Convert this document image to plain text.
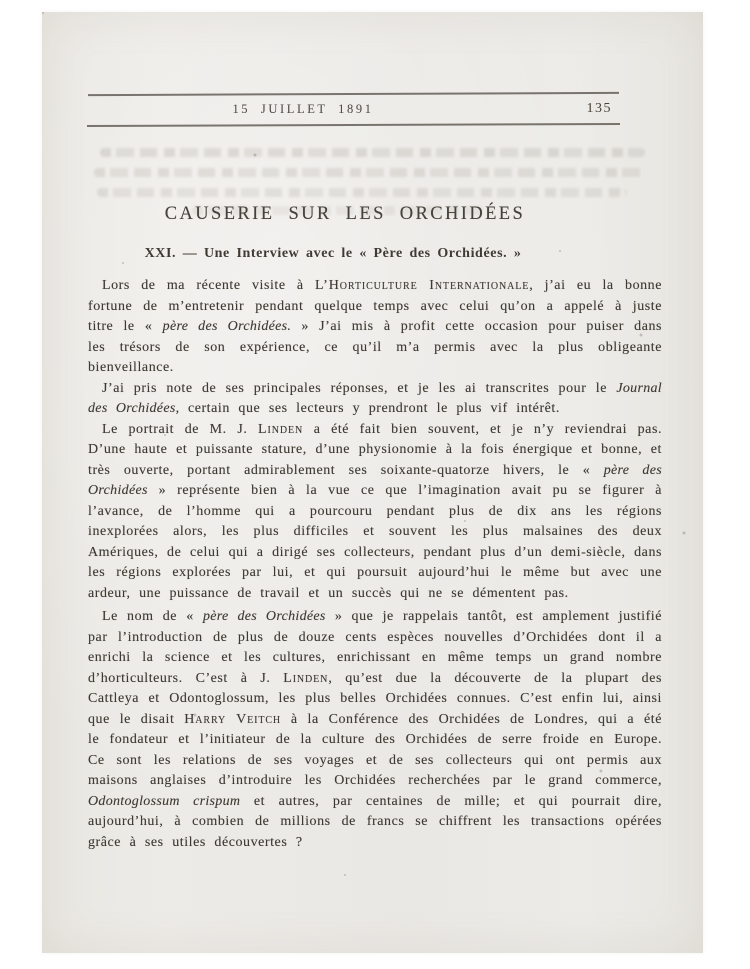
15 JUILLET 1891	135
CAUSERIE SUR LES ORCHIDÉES
XXI. — Une Interview avec le « Père des Orchidées. »

Lors de ma récente visite à L’Horticulture Internationale, j’ai eu la bonne fortune de m’entretenir pendant quelque temps avec celui qu’on a appelé à juste titre le « père des Orchidées. » J’ai mis à profit cette occasion pour puiser dans les trésors de son expérience, ce qu’il m’a permis avec la plus obligeante bienveillance.

J’ai pris note de ses principales réponses, et je les ai transcrites pour le Journal des Orchidées, certain que ses lecteurs y prendront le plus vif intérêt.

Le portrait de M. J. Linden a été fait bien souvent, et je n’y reviendrai pas. D’une haute et puissante stature, d’une physionomie à la fois énergique et bonne, et très ouverte, portant admirablement ses soixante-quatorze hivers, le « père des Orchidées » représente bien à la vue ce que l’imagination avait pu se figurer à l’avance, de l’homme qui a pourcouru pendant plus de dix ans les régions inexplorées alors, les plus difficiles et souvent les plus malsaines des deux Amériques, de celui qui a dirigé ses collecteurs, pendant plus d’un demi-siècle, dans les régions explorées par lui, et qui poursuit aujourd’hui le même but avec une ardeur, une puissance de travail et un succès qui ne se démentent pas.

Le nom de « père des Orchidées » que je rappelais tantôt, est amplement justifié par l’introduction de plus de douze cents espèces nouvelles d’Orchidées dont il a enrichi la science et les cultures, enrichissant en même temps un grand nombre d’horticulteurs. C’est à J. Linden, qu’est due la découverte de la plupart des Cattleya et Odontoglossum, les plus belles Orchidées connues. C’est enfin lui, ainsi que le disait Harry Veitch à la Conférence des Orchidées de Londres, qui a été le fondateur et l’initiateur de la culture des Orchidées de serre froide en Europe. Ce sont les relations de ses voyages et de ses collecteurs qui ont permis aux maisons anglaises d’introduire les Orchidées recherchées par le grand commerce, Odontoglossum crispum et autres, par centaines de mille; et qui pourrait dire, aujourd’hui, à combien de millions de francs se chiffrent les transactions opérées grâce à ses utiles découvertes ?
